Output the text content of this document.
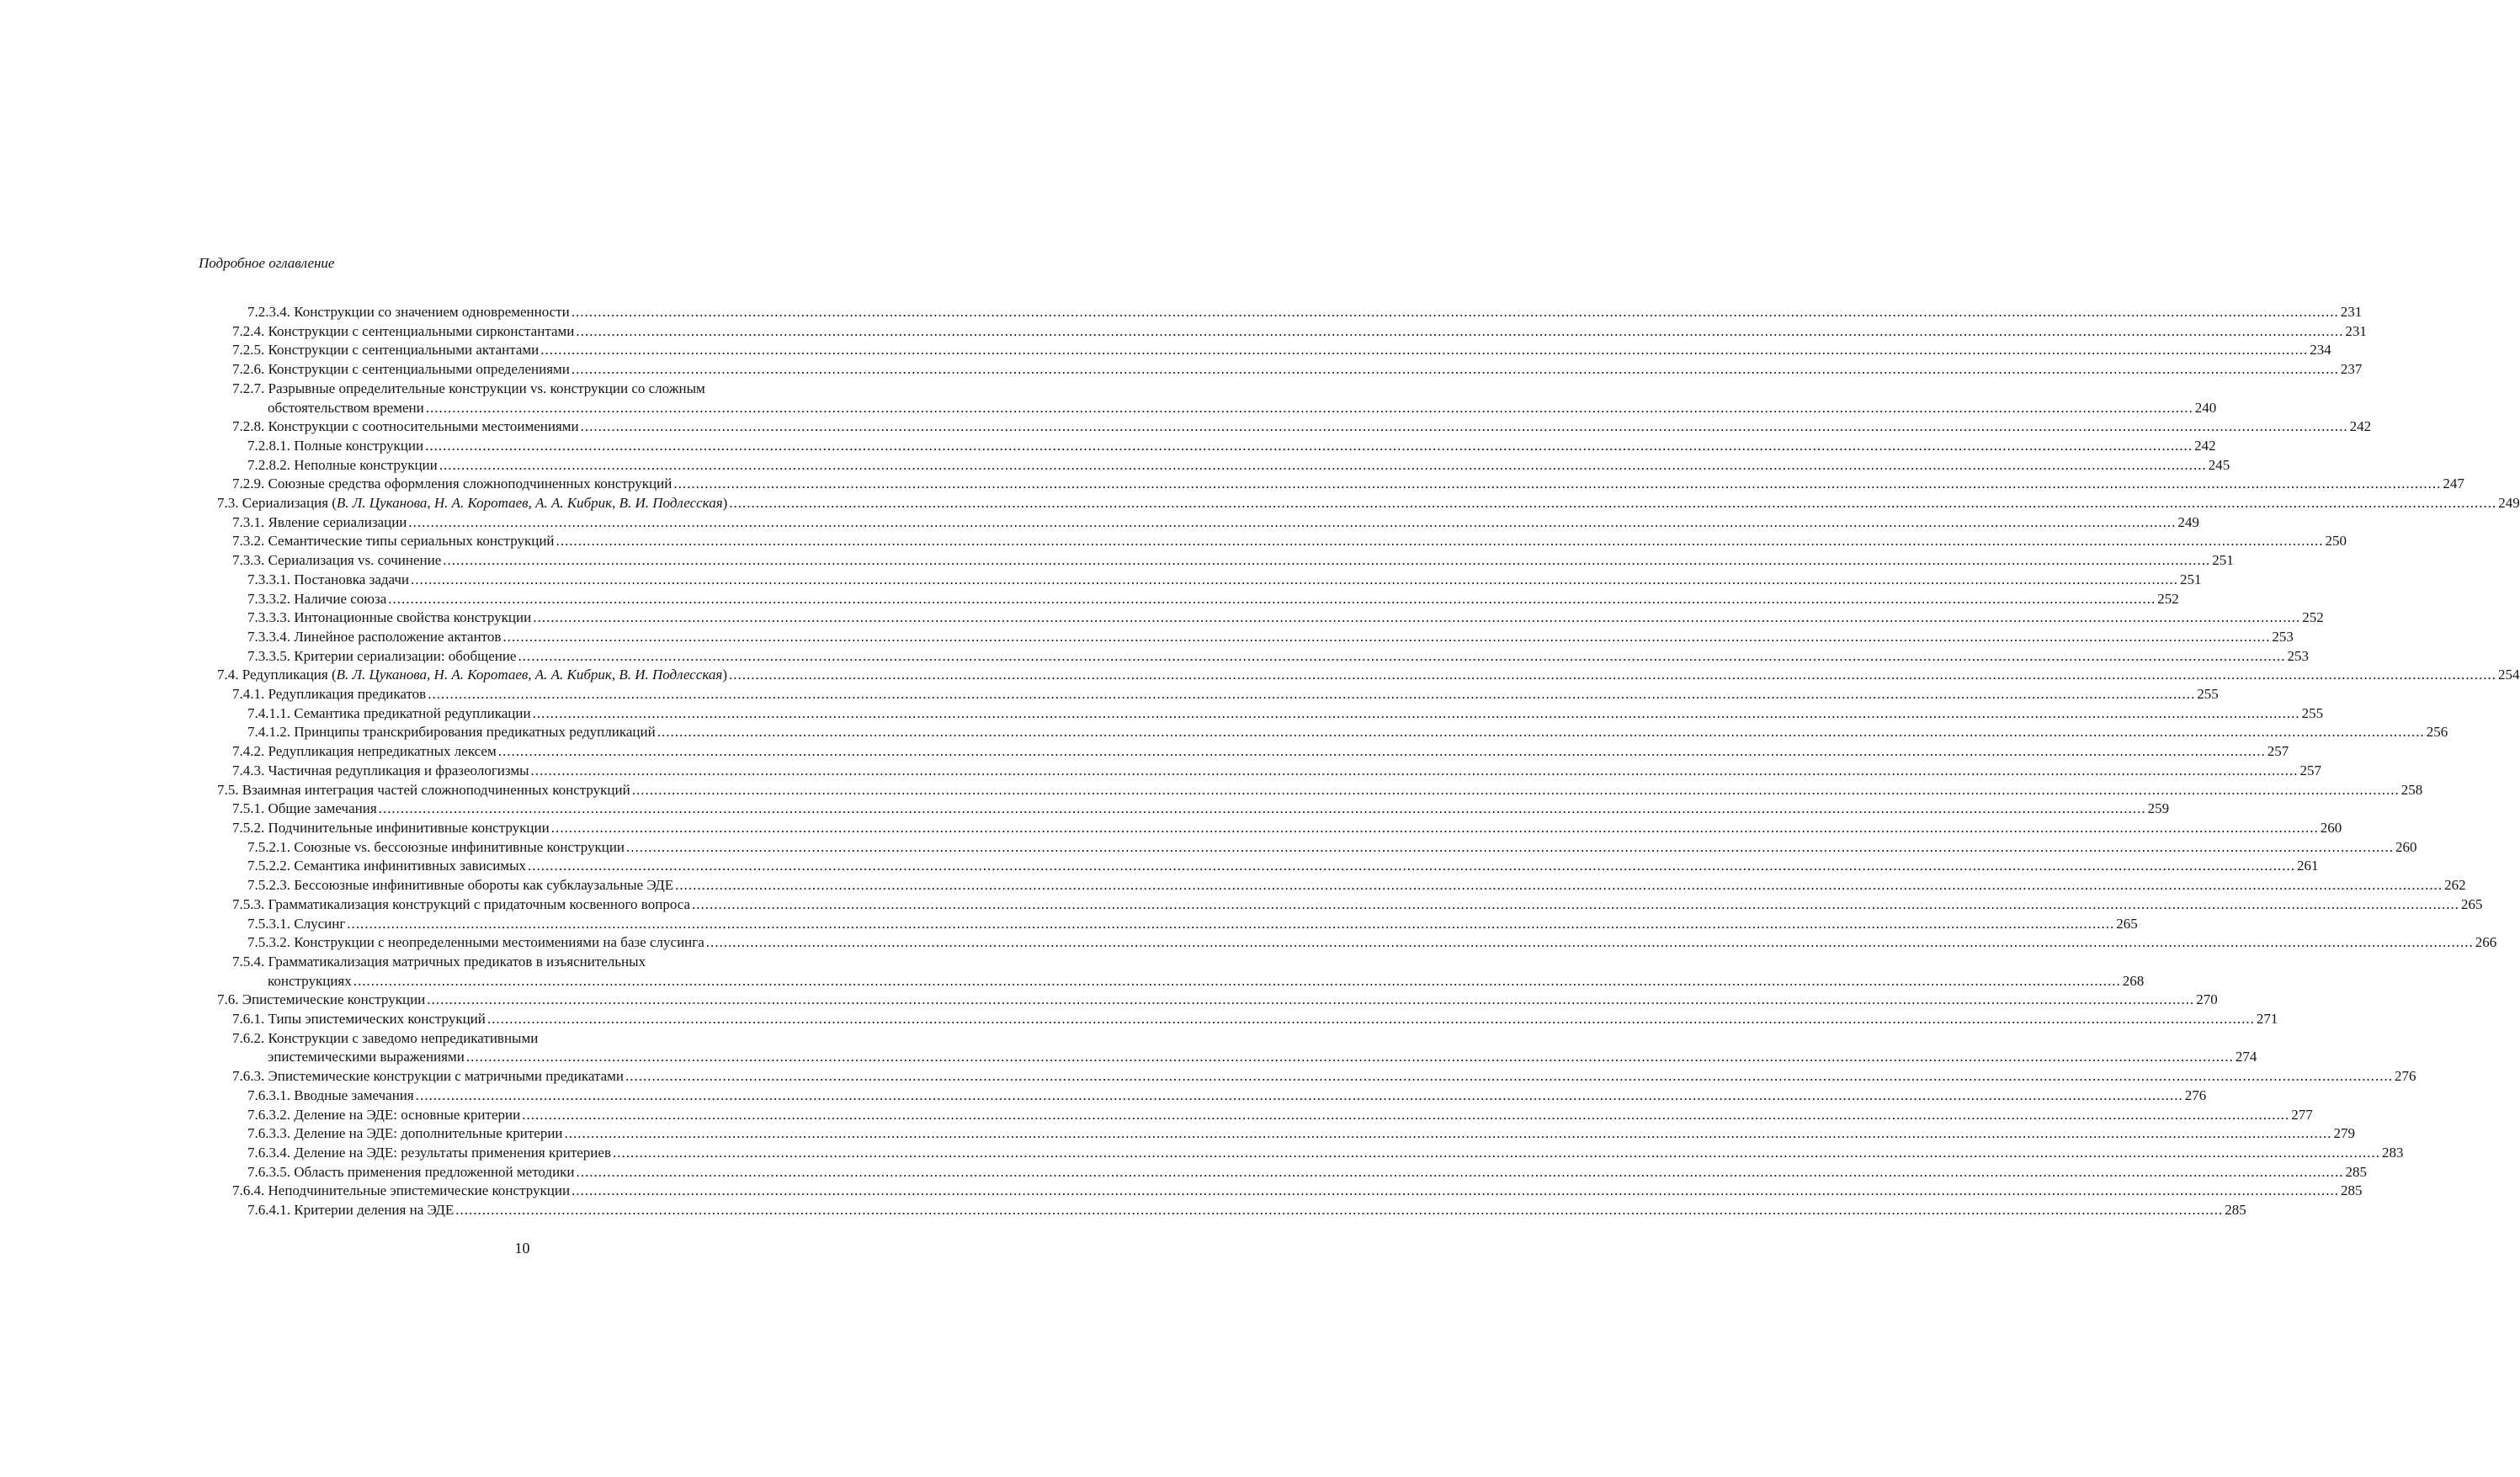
Подробное оглавление
7.2.3.4. Конструкции со значением одновременности ................................................................................................................................................................................................................................................................................................................................................................................................................ 231
7.2.4. Конструкции с сентенциальными сирконстантами ................................................................................................................................................................................................................................................................................................................................................................................................................ 231
7.2.5. Конструкции с сентенциальными актантами ................................................................................................................................................................................................................................................................................................................................................................................................................ 234
7.2.6. Конструкции с сентенциальными определениями ................................................................................................................................................................................................................................................................................................................................................................................................................ 237
7.2.7. Разрывные определительные конструкции vs. конструкции со сложным
обстоятельством времени ................................................................................................................................................................................................................................................................................................................................................................................................................ 240
7.2.8. Конструкции с соотносительными местоимениями ................................................................................................................................................................................................................................................................................................................................................................................................................ 242
7.2.8.1. Полные конструкции ................................................................................................................................................................................................................................................................................................................................................................................................................ 242
7.2.8.2. Неполные конструкции ................................................................................................................................................................................................................................................................................................................................................................................................................ 245
7.2.9. Союзные средства оформления сложноподчиненных конструкций ................................................................................................................................................................................................................................................................................................................................................................................................................ 247
7.3. Сериализация (В. Л. Цуканова, Н. А. Коротаев, А. А. Кибрик, В. И. Подлесская) ................................................................................................................................................................................................................................................................................................................................................................................................................ 249
7.3.1. Явление сериализации ................................................................................................................................................................................................................................................................................................................................................................................................................ 249
7.3.2. Семантические типы сериальных конструкций ................................................................................................................................................................................................................................................................................................................................................................................................................ 250
7.3.3. Сериализация vs. сочинение ................................................................................................................................................................................................................................................................................................................................................................................................................ 251
7.3.3.1. Постановка задачи ................................................................................................................................................................................................................................................................................................................................................................................................................ 251
7.3.3.2. Наличие союза ................................................................................................................................................................................................................................................................................................................................................................................................................ 252
7.3.3.3. Интонационные свойства конструкции ................................................................................................................................................................................................................................................................................................................................................................................................................ 252
7.3.3.4. Линейное расположение актантов ................................................................................................................................................................................................................................................................................................................................................................................................................ 253
7.3.3.5. Критерии сериализации: обобщение ................................................................................................................................................................................................................................................................................................................................................................................................................ 253
7.4. Редупликация (В. Л. Цуканова, Н. А. Коротаев, А. А. Кибрик, В. И. Подлесская) ................................................................................................................................................................................................................................................................................................................................................................................................................ 254
7.4.1. Редупликация предикатов ................................................................................................................................................................................................................................................................................................................................................................................................................ 255
7.4.1.1. Семантика предикатной редупликации ................................................................................................................................................................................................................................................................................................................................................................................................................ 255
7.4.1.2. Принципы транскрибирования предикатных редупликаций ................................................................................................................................................................................................................................................................................................................................................................................................................ 256
7.4.2. Редупликация непредикатных лексем ................................................................................................................................................................................................................................................................................................................................................................................................................ 257
7.4.3. Частичная редупликация и фразеологизмы ................................................................................................................................................................................................................................................................................................................................................................................................................ 257
7.5. Взаимная интеграция частей сложноподчиненных конструкций ................................................................................................................................................................................................................................................................................................................................................................................................................ 258
7.5.1. Общие замечания ................................................................................................................................................................................................................................................................................................................................................................................................................ 259
7.5.2. Подчинительные инфинитивные конструкции ................................................................................................................................................................................................................................................................................................................................................................................................................ 260
7.5.2.1. Союзные vs. бессоюзные инфинитивные конструкции ................................................................................................................................................................................................................................................................................................................................................................................................................ 260
7.5.2.2. Семантика инфинитивных зависимых ................................................................................................................................................................................................................................................................................................................................................................................................................ 261
7.5.2.3. Бессоюзные инфинитивные обороты как субклаузальные ЭДЕ ................................................................................................................................................................................................................................................................................................................................................................................................................ 262
7.5.3. Грамматикализация конструкций с придаточным косвенного вопроса ................................................................................................................................................................................................................................................................................................................................................................................................................ 265
7.5.3.1. Слусинг ................................................................................................................................................................................................................................................................................................................................................................................................................ 265
7.5.3.2. Конструкции с неопределенными местоимениями на базе слусинга ................................................................................................................................................................................................................................................................................................................................................................................................................ 266
7.5.4. Грамматикализация матричных предикатов в изъяснительных
конструкциях ................................................................................................................................................................................................................................................................................................................................................................................................................ 268
7.6. Эпистемические конструкции ................................................................................................................................................................................................................................................................................................................................................................................................................ 270
7.6.1. Типы эпистемических конструкций ................................................................................................................................................................................................................................................................................................................................................................................................................ 271
7.6.2. Конструкции с заведомо непредикативными
эпистемическими выражениями ................................................................................................................................................................................................................................................................................................................................................................................................................ 274
7.6.3. Эпистемические конструкции с матричными предикатами ................................................................................................................................................................................................................................................................................................................................................................................................................ 276
7.6.3.1. Вводные замечания ................................................................................................................................................................................................................................................................................................................................................................................................................ 276
7.6.3.2. Деление на ЭДЕ: основные критерии ................................................................................................................................................................................................................................................................................................................................................................................................................ 277
7.6.3.3. Деление на ЭДЕ: дополнительные критерии ................................................................................................................................................................................................................................................................................................................................................................................................................ 279
7.6.3.4. Деление на ЭДЕ: результаты применения критериев ................................................................................................................................................................................................................................................................................................................................................................................................................ 283
7.6.3.5. Область применения предложенной методики ................................................................................................................................................................................................................................................................................................................................................................................................................ 285
7.6.4. Неподчинительные эпистемические конструкции ................................................................................................................................................................................................................................................................................................................................................................................................................ 285
7.6.4.1. Критерии деления на ЭДЕ ................................................................................................................................................................................................................................................................................................................................................................................................................ 285
10
